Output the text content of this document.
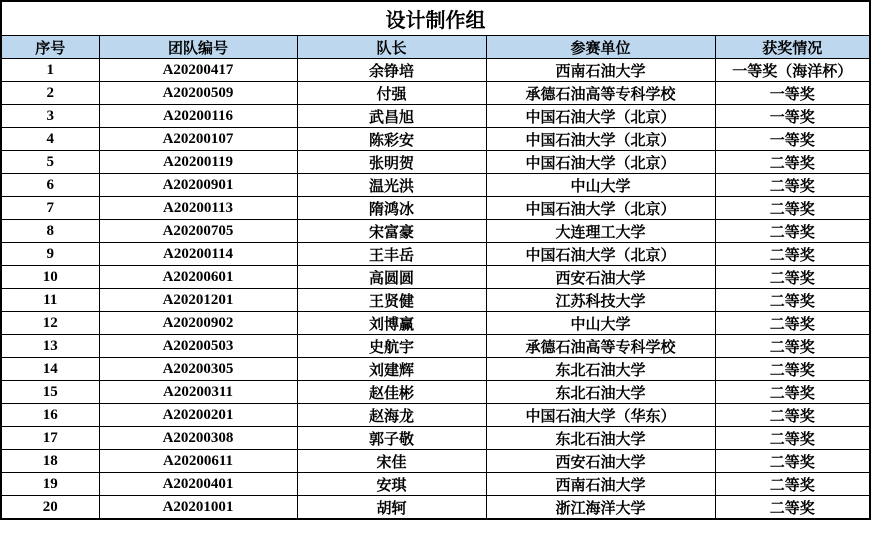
设计制作组				
序号	团队编号	队长	参赛单位	获奖情况
1	A20200417	余铮培	西南石油大学	一等奖（海洋杯）
2	A20200509	付强	承德石油高等专科学校	一等奖
3	A20200116	武昌旭	中国石油大学（北京）	一等奖
4	A20200107	陈彩安	中国石油大学（北京）	一等奖
5	A20200119	张明贺	中国石油大学（北京）	二等奖
6	A20200901	温光洪	中山大学	二等奖
7	A20200113	隋鸿冰	中国石油大学（北京）	二等奖
8	A20200705	宋富豪	大连理工大学	二等奖
9	A20200114	王丰岳	中国石油大学（北京）	二等奖
10	A20200601	高圆圆	西安石油大学	二等奖
11	A20201201	王贤健	江苏科技大学	二等奖
12	A20200902	刘博赢	中山大学	二等奖
13	A20200503	史航宇	承德石油高等专科学校	二等奖
14	A20200305	刘建辉	东北石油大学	二等奖
15	A20200311	赵佳彬	东北石油大学	二等奖
16	A20200201	赵海龙	中国石油大学（华东）	二等奖
17	A20200308	郭子敬	东北石油大学	二等奖
18	A20200611	宋佳	西安石油大学	二等奖
19	A20200401	安琪	西南石油大学	二等奖
20	A20201001	胡轲	浙江海洋大学	二等奖
